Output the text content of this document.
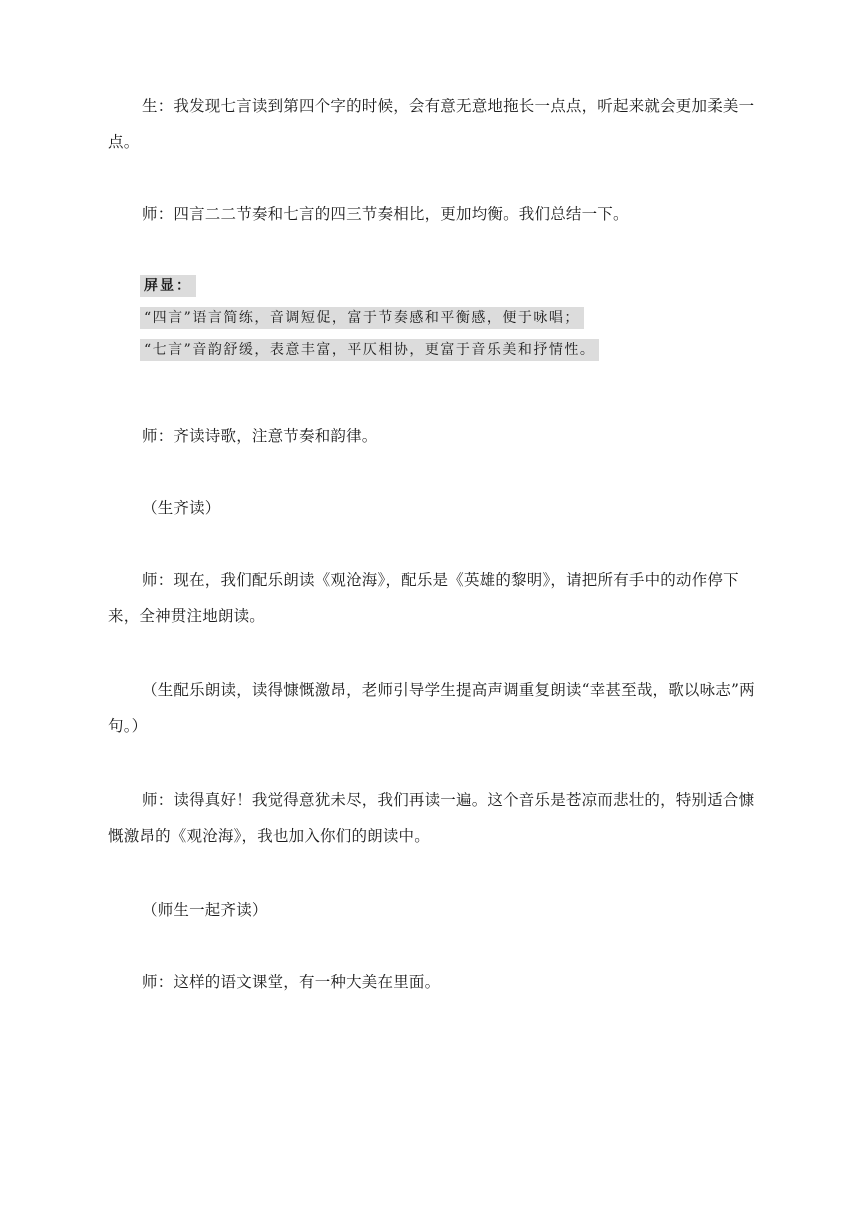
生：我发现七言读到第四个字的时候，会有意无意地拖长一点点，听起来就会更加柔美一点。

师：四言二二节奏和七言的四三节奏相比，更加均衡。我们总结一下。

屏显：
“四言”语言简练，音调短促，富于节奏感和平衡感，便于咏唱；
“七言”音韵舒缓，表意丰富，平仄相协，更富于音乐美和抒情性。

师：齐读诗歌，注意节奏和韵律。

（生齐读）

师：现在，我们配乐朗读《观沧海》，配乐是《英雄的黎明》，请把所有手中的动作停下来，全神贯注地朗读。

（生配乐朗读，读得慷慨激昂，老师引导学生提高声调重复朗读“幸甚至哉，歌以咏志”两句。）

师：读得真好！我觉得意犹未尽，我们再读一遍。这个音乐是苍凉而悲壮的，特别适合慷慨激昂的《观沧海》，我也加入你们的朗读中。

（师生一起齐读）

师：这样的语文课堂，有一种大美在里面。
